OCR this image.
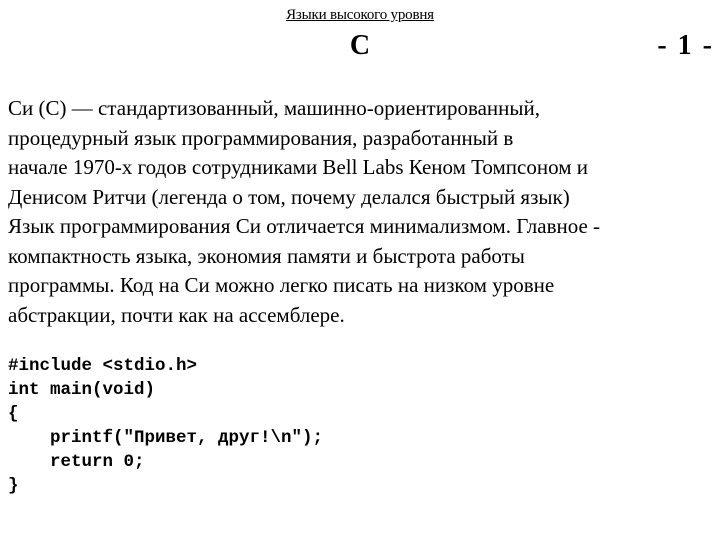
Языки высокого уровня
С	- 1 -
Си (C) — стандартизованный, машинно-ориентированный,
процедурный язык программирования, разработанный в
начале 1970-х годов сотрудниками Bell Labs Кеном Томпсоном и
Денисом Ритчи (легенда о том, почему делался быстрый язык)
Язык программирования Си отличается минимализмом. Главное -
компактность языка, экономия памяти и быстрота работы
программы. Код на Си можно легко писать на низком уровне
абстракции, почти как на ассемблере.
#include <stdio.h>
int main(void)
{
printf("Привет, друг!\n");
return 0;
}
